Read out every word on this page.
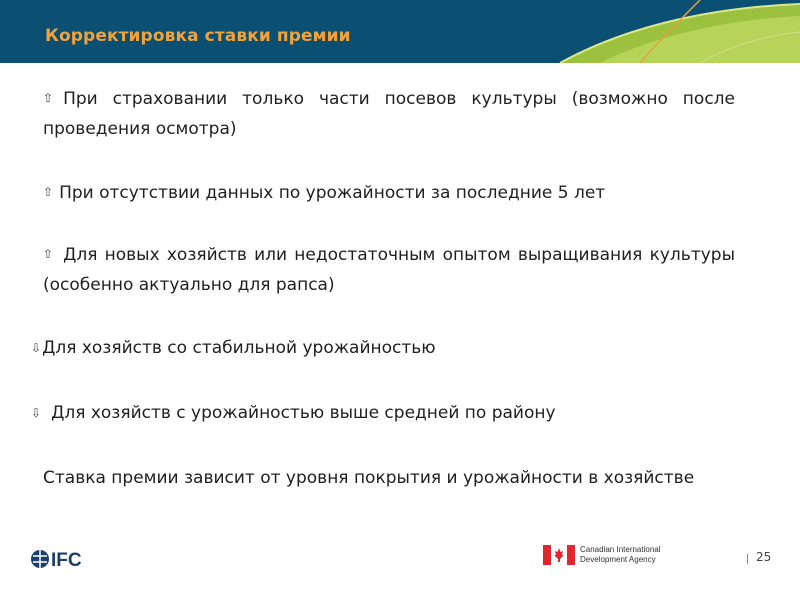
Корректировка ставки премии
⇧ При страховании только части посевов культуры (возможно после проведения осмотра)
⇧ При отсутствии данных по урожайности за последние 5 лет
⇧ Для новых хозяйств или недостаточным опытом выращивания культуры (особенно актуально для рапса)
⇩Для хозяйств со стабильной урожайностью
⇩ Для хозяйств с урожайностью выше средней по району
Ставка премии зависит от уровня покрытия и урожайности в хозяйстве
IFC
Canadian International
Development Agency	25
